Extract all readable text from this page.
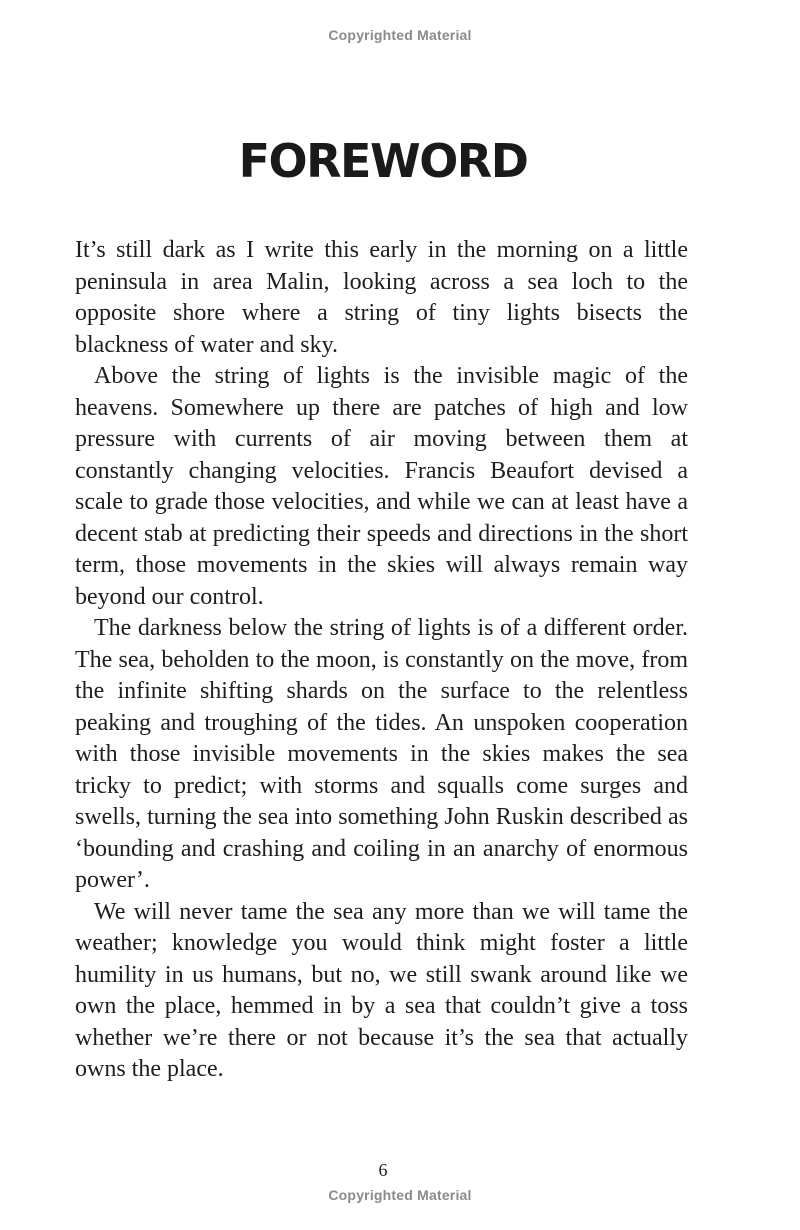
Copyrighted Material
FOREWORD

It’s still dark as I write this early in the morning on a little peninsula in area Malin, looking across a sea loch to the opposite shore where a string of tiny lights bisects the blackness of water and sky.

Above the string of lights is the invisible magic of the heavens. Somewhere up there are patches of high and low pressure with currents of air moving between them at constantly changing velocities. Francis Beaufort devised a scale to grade those velocities, and while we can at least have a decent stab at predicting their speeds and directions in the short term, those movements in the skies will always remain way beyond our control.

The darkness below the string of lights is of a different order. The sea, beholden to the moon, is constantly on the move, from the infinite shifting shards on the surface to the relentless peaking and troughing of the tides. An unspoken cooperation with those invisible movements in the skies makes the sea tricky to predict; with storms and squalls come surges and swells, turning the sea into something John Ruskin described as ‘bounding and crashing and coiling in an anarchy of enormous power’.

We will never tame the sea any more than we will tame the weather; knowledge you would think might foster a little humility in us humans, but no, we still swank around like we own the place, hemmed in by a sea that couldn’t give a toss whether we’re there or not because it’s the sea that actually owns the place.

6
Copyrighted Material
